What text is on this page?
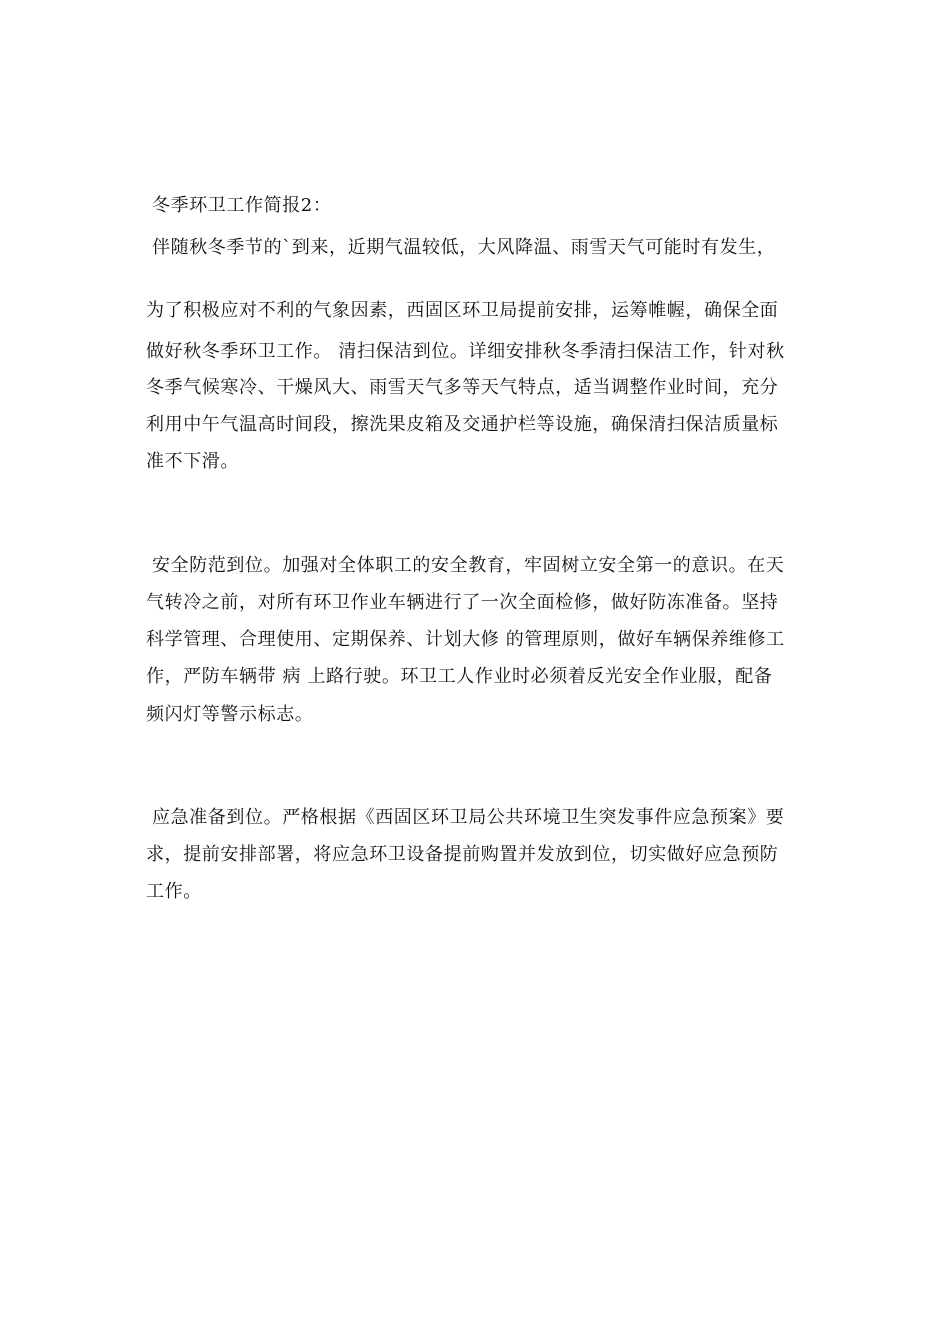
冬季环卫工作简报2：
伴随秋冬季节的`到来，近期气温较低，大风降温、雨雪天气可能时有发生，
为了积极应对不利的气象因素，西固区环卫局提前安排，运筹帷幄，确保全面
做好秋冬季环卫工作。 清扫保洁到位。详细安排秋冬季清扫保洁工作，针对秋
冬季气候寒冷、干燥风大、雨雪天气多等天气特点，适当调整作业时间，充分
利用中午气温高时间段，擦洗果皮箱及交通护栏等设施，确保清扫保洁质量标
准不下滑。
安全防范到位。加强对全体职工的安全教育，牢固树立安全第一的意识。在天
气转冷之前，对所有环卫作业车辆进行了一次全面检修，做好防冻准备。坚持
科学管理、合理使用、定期保养、计划大修 的管理原则，做好车辆保养维修工
作，严防车辆带 病 上路行驶。环卫工人作业时必须着反光安全作业服，配备
频闪灯等警示标志。
应急准备到位。严格根据《西固区环卫局公共环境卫生突发事件应急预案》要
求，提前安排部署，将应急环卫设备提前购置并发放到位，切实做好应急预防
工作。
